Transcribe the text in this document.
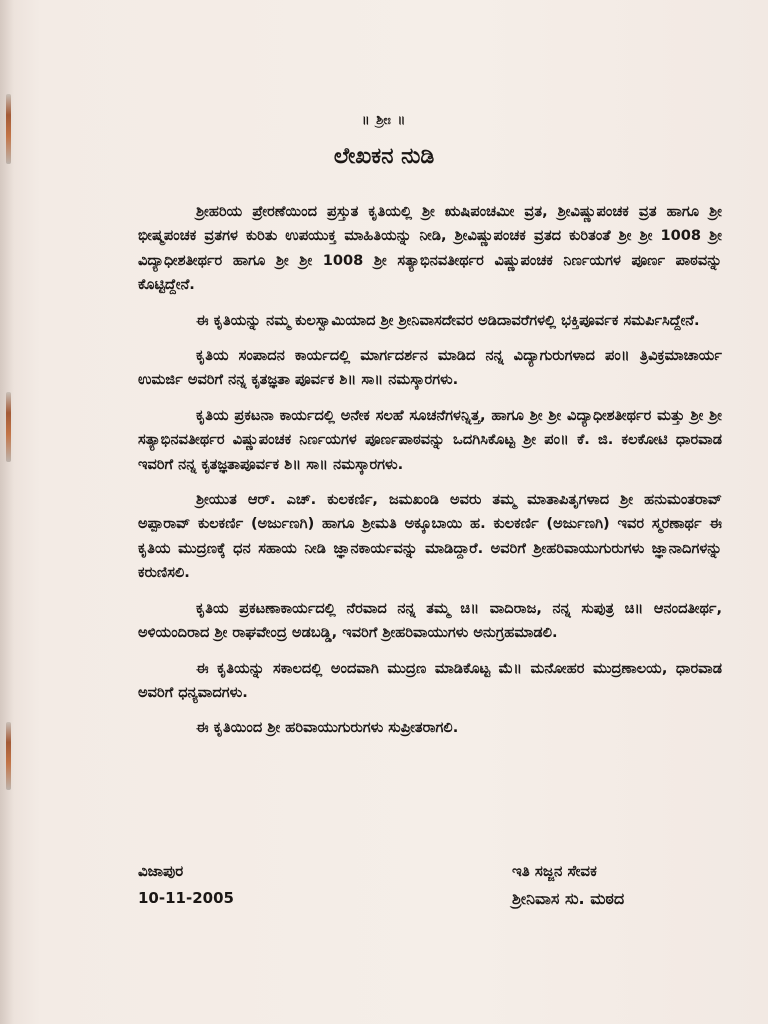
॥ ಶ್ರೀಃ ॥
ಲೇಖಕನ ನುಡಿ

ಶ್ರೀಹರಿಯ ಪ್ರೇರಣೆಯಿಂದ ಪ್ರಸ್ತುತ ಕೃತಿಯಲ್ಲಿ ಶ್ರೀ ಋಷಿಪಂಚಮೀ ವ್ರತ, ಶ್ರೀವಿಷ್ಣುಪಂಚಕ ವ್ರತ ಹಾಗೂ ಶ್ರೀ ಭೀಷ್ಮಪಂಚಕ ವ್ರತಗಳ ಕುರಿತು ಉಪಯುಕ್ತ ಮಾಹಿತಿಯನ್ನು ನೀಡಿ, ಶ್ರೀವಿಷ್ಣುಪಂಚಕ ವ್ರತದ ಕುರಿತಂತೆ ಶ್ರೀ ಶ್ರೀ 1008 ಶ್ರೀ ವಿದ್ಯಾಧೀಶತೀರ್ಥರ ಹಾಗೂ ಶ್ರೀ ಶ್ರೀ 1008 ಶ್ರೀ ಸತ್ಯಾಭಿನವತೀರ್ಥರ ವಿಷ್ಣುಪಂಚಕ ನಿರ್ಣಯಗಳ ಪೂರ್ಣ ಪಾಠವನ್ನು ಕೊಟ್ಟಿದ್ದೇನೆ.

ಈ ಕೃತಿಯನ್ನು ನಮ್ಮ ಕುಲಸ್ವಾಮಿಯಾದ ಶ್ರೀ ಶ್ರೀನಿವಾಸದೇವರ ಅಡಿದಾವರೆಗಳಲ್ಲಿ ಭಕ್ತಿಪೂರ್ವಕ ಸಮರ್ಪಿಸಿದ್ದೇನೆ.

ಕೃತಿಯ ಸಂಪಾದನ ಕಾರ್ಯದಲ್ಲಿ ಮಾರ್ಗದರ್ಶನ ಮಾಡಿದ ನನ್ನ ವಿದ್ಯಾಗುರುಗಳಾದ ಪಂ॥ ತ್ರಿವಿಕ್ರಮಾಚಾರ್ಯ ಉಮರ್ಜಿ ಅವರಿಗೆ ನನ್ನ ಕೃತಜ್ಞತಾ ಪೂರ್ವಕ ಶಿ॥ ಸಾ॥ ನಮಸ್ಕಾರಗಳು.

ಕೃತಿಯ ಪ್ರಕಟನಾ ಕಾರ್ಯದಲ್ಲಿ ಅನೇಕ ಸಲಹೆ ಸೂಚನೆಗಳನ್ನಿತ್ತ, ಹಾಗೂ ಶ್ರೀ ಶ್ರೀ ವಿದ್ಯಾಧೀಶತೀರ್ಥರ ಮತ್ತು ಶ್ರೀ ಶ್ರೀ ಸತ್ಯಾಭಿನವತೀರ್ಥರ ವಿಷ್ಣುಪಂಚಕ ನಿರ್ಣಯಗಳ ಪೂರ್ಣಪಾಠವನ್ನು ಒದಗಿಸಿಕೊಟ್ಟ ಶ್ರೀ ಪಂ॥ ಕೆ. ಜಿ. ಕಲಕೋಟಿ ಧಾರವಾಡ ಇವರಿಗೆ ನನ್ನ ಕೃತಜ್ಞತಾಪೂರ್ವಕ ಶಿ॥ ಸಾ॥ ನಮಸ್ಕಾರಗಳು.

ಶ್ರೀಯುತ ಆರ್. ಎಚ್. ಕುಲಕರ್ಣಿ, ಜಮಖಂಡಿ ಅವರು ತಮ್ಮ ಮಾತಾಪಿತೃಗಳಾದ ಶ್ರೀ ಹನುಮಂತರಾವ್ ಅಪ್ಪಾರಾವ್ ಕುಲಕರ್ಣಿ (ಅರ್ಜುಣಗಿ) ಹಾಗೂ ಶ್ರೀಮತಿ ಅಕ್ಕೂಬಾಯಿ ಹ. ಕುಲಕರ್ಣಿ (ಅರ್ಜುಣಗಿ) ಇವರ ಸ್ಮರಣಾರ್ಥ ಈ ಕೃತಿಯ ಮುದ್ರಣಕ್ಕೆ ಧನ ಸಹಾಯ ನೀಡಿ ಜ್ಞಾನಕಾರ್ಯವನ್ನು ಮಾಡಿದ್ದಾರೆ. ಅವರಿಗೆ ಶ್ರೀಹರಿವಾಯುಗುರುಗಳು ಜ್ಞಾನಾದಿಗಳನ್ನು ಕರುಣಿಸಲಿ.

ಕೃತಿಯ ಪ್ರಕಟಣಾಕಾರ್ಯದಲ್ಲಿ ನೆರವಾದ ನನ್ನ ತಮ್ಮ ಚಿ॥ ವಾದಿರಾಜ, ನನ್ನ ಸುಪುತ್ರ ಚಿ॥ ಆನಂದತೀರ್ಥ, ಅಳಿಯಂದಿರಾದ ಶ್ರೀ ರಾಘವೇಂದ್ರ ಅಡಬಡ್ಡಿ, ಇವರಿಗೆ ಶ್ರೀಹರಿವಾಯುಗಳು ಅನುಗ್ರಹಮಾಡಲಿ.

ಈ ಕೃತಿಯನ್ನು ಸಕಾಲದಲ್ಲಿ ಅಂದವಾಗಿ ಮುದ್ರಣ ಮಾಡಿಕೊಟ್ಟ ಮೆ॥ ಮನೋಹರ ಮುದ್ರಣಾಲಯ, ಧಾರವಾಡ ಅವರಿಗೆ ಧನ್ಯವಾದಗಳು.

ಈ ಕೃತಿಯಿಂದ ಶ್ರೀ ಹರಿವಾಯುಗುರುಗಳು ಸುಪ್ರೀತರಾಗಲಿ.

ವಿಜಾಪುರ
10-11-2005
ಇತಿ ಸಜ್ಜನ ಸೇವಕ
ಶ್ರೀನಿವಾಸ ಸು. ಮಠದ
